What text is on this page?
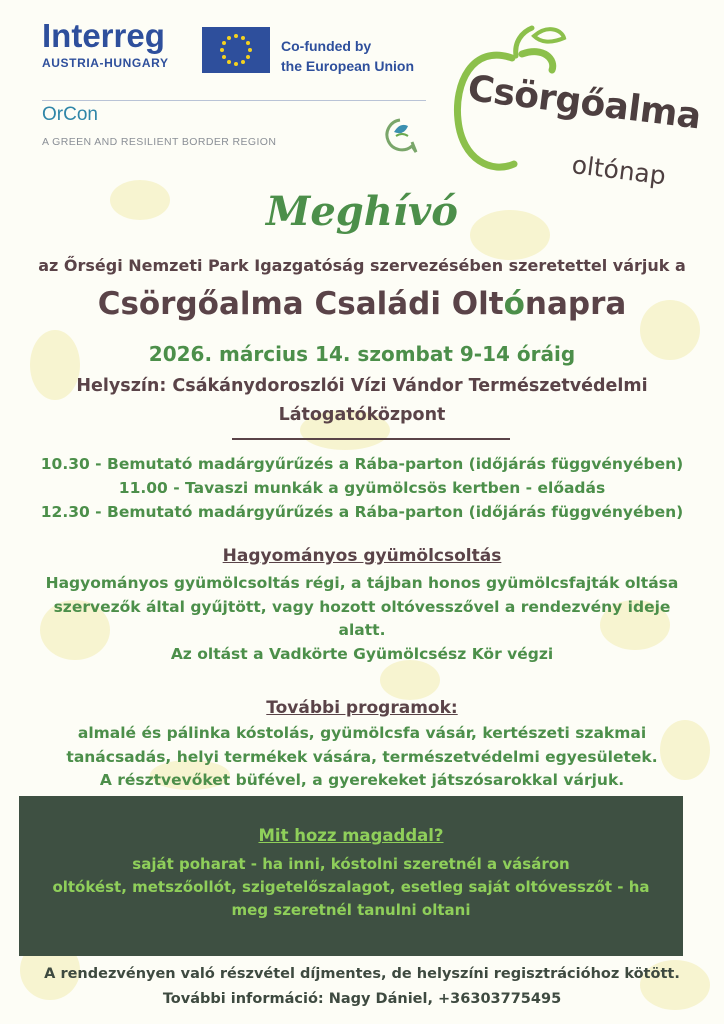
Interreg
AUSTRIA-HUNGARY
Co-funded by
the European Union
OrCon
A GREEN AND RESILIENT BORDER REGION
Csörgőalma
oltónap
Meghívó
az Őrségi Nemzeti Park Igazgatóság szervezésében szeretettel várjuk a
Csörgőalma Családi Oltónapra
2026. március 14. szombat 9-14 óráig
Helyszín: Csákánydoroszlói Vízi Vándor Természetvédelmi
Látogatóközpont
10.30 - Bemutató madárgyűrűzés a Rába-parton (időjárás függvényében)
11.00 - Tavaszi munkák a gyümölcsös kertben - előadás
12.30 - Bemutató madárgyűrűzés a Rába-parton (időjárás függvényében)
Hagyományos gyümölcsoltás
Hagyományos gyümölcsoltás régi, a tájban honos gyümölcsfajták oltása
szervezők által gyűjtött, vagy hozott oltóvesszővel a rendezvény ideje
alatt.
Az oltást a Vadkörte Gyümölcsész Kör végzi
További programok:
almalé és pálinka kóstolás, gyümölcsfa vásár, kertészeti szakmai
tanácsadás, helyi termékek vására, természetvédelmi egyesületek.
A résztvevőket büfével, a gyerekeket játszósarokkal várjuk.
Mit hozz magaddal?
saját poharat - ha inni, kóstolni szeretnél a vásáron
oltókést, metszőollót, szigetelőszalagot, esetleg saját oltóvesszőt - ha
meg szeretnél tanulni oltani
A rendezvényen való részvétel díjmentes, de helyszíni regisztrációhoz kötött.
További információ: Nagy Dániel, +36303775495
